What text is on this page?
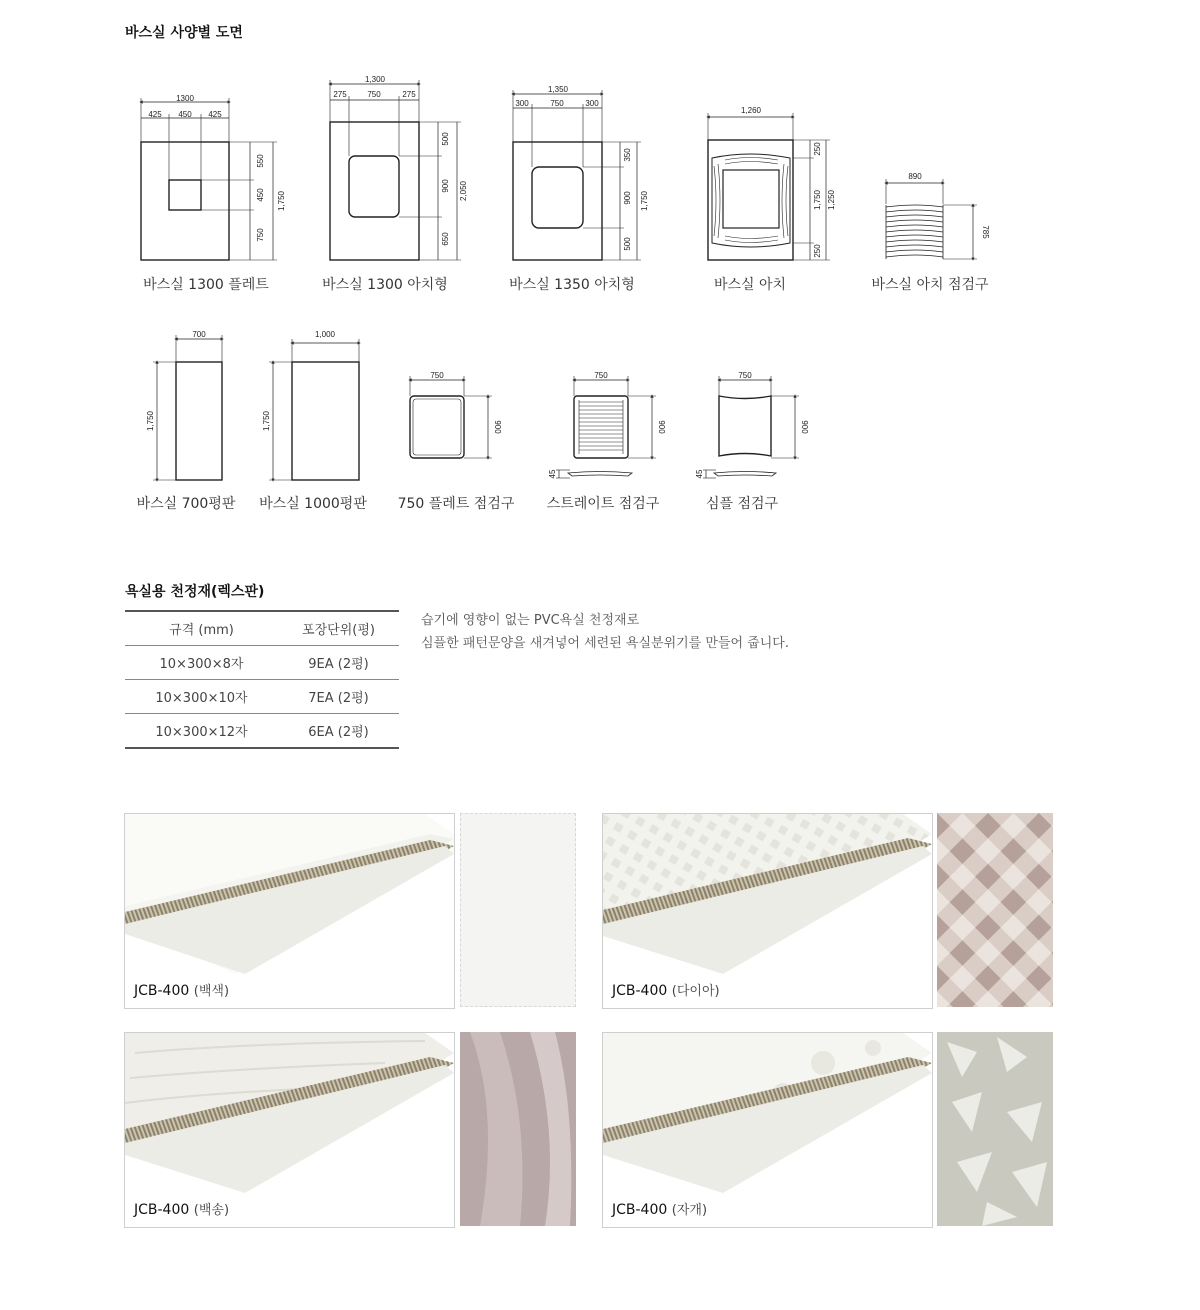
바스실 사양별 도면
1300
425 450 425
550
450
750
1,750
1,300
275	750	275
500
900
650
2,050
1,350
300	750	300
350
900
500
1,750
1,260
250
1,750
250
1,250
890
785
700
1,750
1,000
1,750
750
900
750
900
45
750
900
45
바스실 1300 플레트	바스실 1300 아치형	바스실 1350 아치형	바스실 아치	바스실 아치 점검구
바스실 700평판	바스실 1000평판	750 플레트 점검구	스트레이트 점검구	심플 점검구
욕실용 천정재(렉스판)
규격 (mm)	포장단위(평)
10×300×8자	9EA (2평)
10×300×10자	7EA (2평)
10×300×12자	6EA (2평)
습기에 영향이 없는 PVC욕실 천정재로
심플한 패턴문양을 새겨넣어 세련된 욕실분위기를 만들어 줍니다.
JCB-400 (백색)	JCB-400 (다이아)
JCB-400 (백송)	JCB-400 (자개)
